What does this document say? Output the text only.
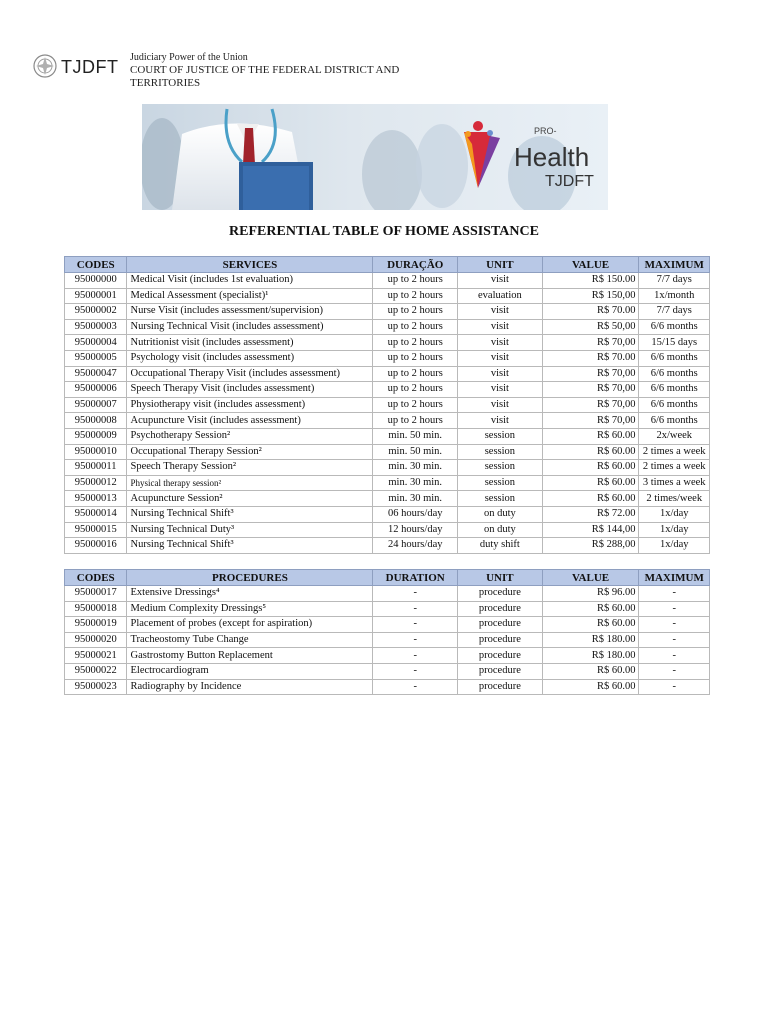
TJDFT Judiciary Power of the Union
COURT OF JUSTICE OF THE FEDERAL DISTRICT AND TERRITORIES
PRO-
Health
TJDFT
REFERENTIAL TABLE OF HOME ASSISTANCE
CODES	SERVICES	DURAÇÃO	UNIT	VALUE	MAXIMUM
95000000	Medical Visit (includes 1st evaluation)	up to 2 hours	visit	R$ 150.00	7/7 days
95000001	Medical Assessment (specialist)¹	up to 2 hours	evaluation	R$ 150,00	1x/month
95000002	Nurse Visit (includes assessment/supervision)	up to 2 hours	visit	R$ 70.00	7/7 days
95000003	Nursing Technical Visit (includes assessment)	up to 2 hours	visit	R$ 50,00	6/6 months
95000004	Nutritionist visit (includes assessment)	up to 2 hours	visit	R$ 70,00	15/15 days
95000005	Psychology visit (includes assessment)	up to 2 hours	visit	R$ 70.00	6/6 months
95000047	Occupational Therapy Visit (includes assessment)	up to 2 hours	visit	R$ 70,00	6/6 months
95000006	Speech Therapy Visit (includes assessment)	up to 2 hours	visit	R$ 70,00	6/6 months
95000007	Physiotherapy visit (includes assessment)	up to 2 hours	visit	R$ 70,00	6/6 months
95000008	Acupuncture Visit (includes assessment)	up to 2 hours	visit	R$ 70,00	6/6 months
95000009	Psychotherapy Session²	min. 50 min.	session	R$ 60.00	2x/week
95000010	Occupational Therapy Session²	min. 50 min.	session	R$ 60.00	2 times a week
95000011	Speech Therapy Session²	min. 30 min.	session	R$ 60.00	2 times a week
95000012	Physical therapy session²	min. 30 min.	session	R$ 60.00	3 times a week
95000013	Acupuncture Session²	min. 30 min.	session	R$ 60.00	2 times/week
95000014	Nursing Technical Shift³	06 hours/day	on duty	R$ 72.00	1x/day
95000015	Nursing Technical Duty³	12 hours/day	on duty	R$ 144,00	1x/day
95000016	Nursing Technical Shift³	24 hours/day	duty shift	R$ 288,00	1x/day
CODES	PROCEDURES	DURATION	UNIT	VALUE	MAXIMUM
95000017	Extensive Dressings⁴	-	procedure	R$ 96.00	-
95000018	Medium Complexity Dressings⁵	-	procedure	R$ 60.00	-
95000019	Placement of probes (except for aspiration)	-	procedure	R$ 60.00	-
95000020	Tracheostomy Tube Change	-	procedure	R$ 180.00	-
95000021	Gastrostomy Button Replacement	-	procedure	R$ 180.00	-
95000022	Electrocardiogram	-	procedure	R$ 60.00	-
95000023	Radiography by Incidence	-	procedure	R$ 60.00	-
